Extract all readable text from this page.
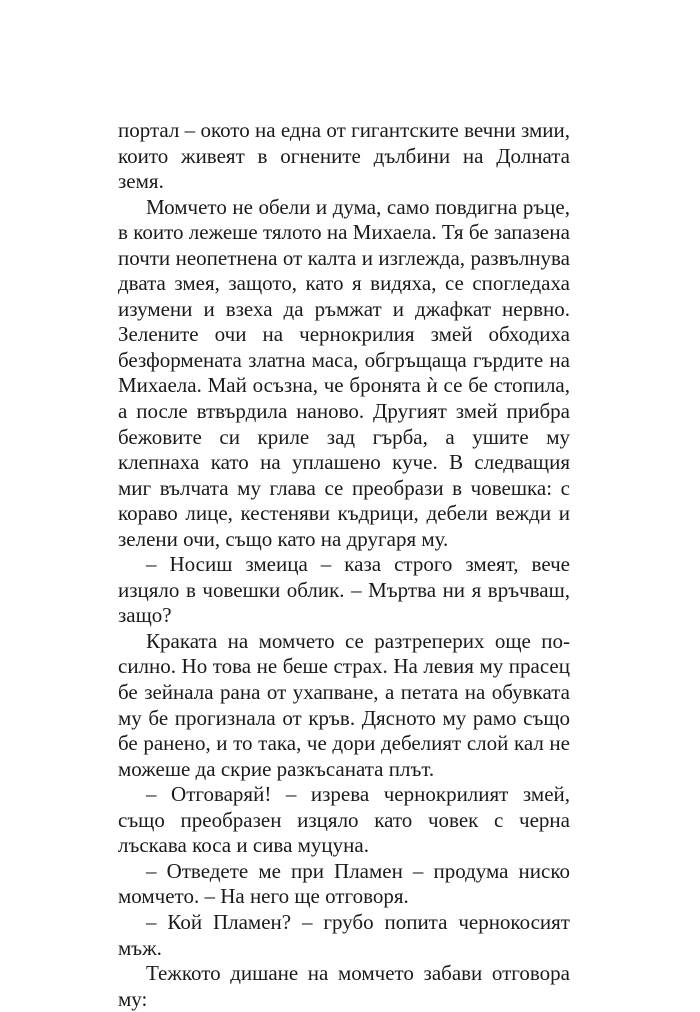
портал – окото на една от гигантските вечни змии, които живеят в огнените дълбини на Долната земя.

Момчето не обели и дума, само повдигна ръце, в които лежеше тялото на Михаела. Тя бе запазена почти неопетнена от калта и изглежда, развълнува двата змея, защото, като я видяха, се спогледаха изумени и взеха да ръмжат и джафкат нервно. Зелените очи на чернокрилия змей обходиха безформената златна маса, обгръщаща гърдите на Михаела. Май осъзна, че бронята ѝ се бе стопила, а после втвърдила наново. Другият змей прибра бежовите си криле зад гърба, а ушите му клепнаха като на уплашено куче. В следващия миг вълчата му глава се преобрази в човешка: с кораво лице, кестеняви къдрици, дебели вежди и зелени очи, също като на другаря му.

– Носиш змеица – каза строго змеят, вече изцяло в човешки облик. – Мъртва ни я връчваш, защо?

Краката на момчето се разтреперих още по-силно. Но това не беше страх. На левия му прасец бе зейнала рана от ухапване, а петата на обувката му бе прогизнала от кръв. Дясното му рамо също бе ранено, и то така, че дори дебелият слой кал не можеше да скрие разкъсаната плът.

– Отговаряй! – изрева чернокрилият змей, също преобразен изцяло като човек с черна лъскава коса и сива муцуна.

– Отведете ме при Пламен – продума ниско момчето. – На него ще отговоря.

– Кой Пламен? – грубо попита чернокосият мъж.

Тежкото дишане на момчето забави отговора му:
